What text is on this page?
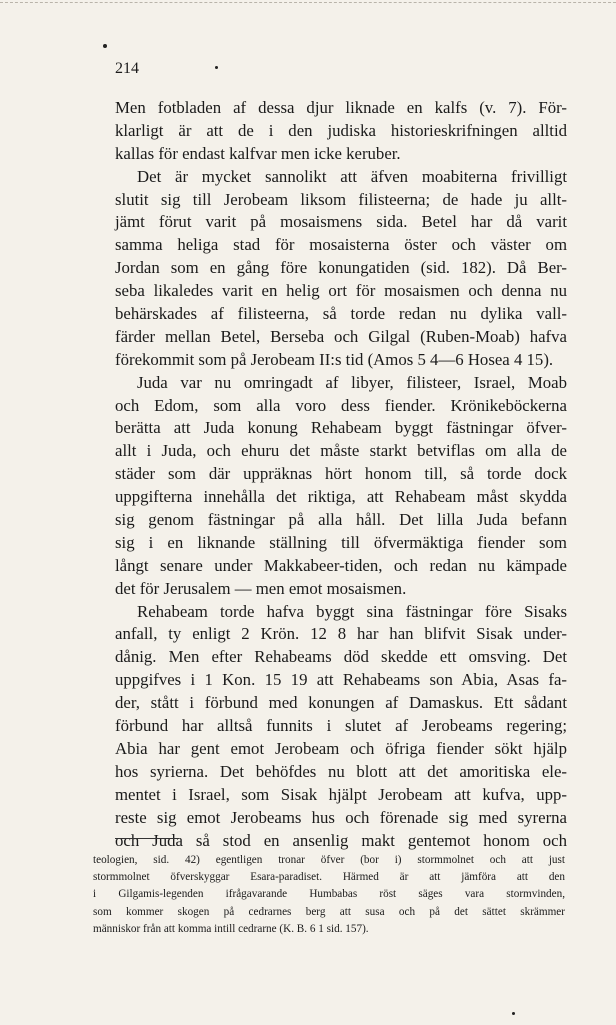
214
Men fotbladen af dessa djur liknade en kalfs (v. 7). För-
klarligt är att de i den judiska historieskrifningen alltid
kallas för endast kalfvar men icke keruber.
Det är mycket sannolikt att äfven moabiterna frivilligt
slutit sig till Jerobeam liksom filisteerna; de hade ju allt-
jämt förut varit på mosaismens sida. Betel har då varit
samma heliga stad för mosaisterna öster och väster om
Jordan som en gång före konungatiden (sid. 182). Då Ber-
seba likaledes varit en helig ort för mosaismen och denna nu
behärskades af filisteerna, så torde redan nu dylika vall-
färder mellan Betel, Berseba och Gilgal (Ruben-Moab) hafva
förekommit som på Jerobeam II:s tid (Amos 5 4—6 Hosea 4 15).
Juda var nu omringadt af libyer, filisteer, Israel, Moab
och Edom, som alla voro dess fiender. Krönikeböckerna
berätta att Juda konung Rehabeam byggt fästningar öfver-
allt i Juda, och ehuru det måste starkt betviflas om alla de
städer som där uppräknas hört honom till, så torde dock
uppgifterna innehålla det riktiga, att Rehabeam måst skydda
sig genom fästningar på alla håll. Det lilla Juda befann
sig i en liknande ställning till öfvermäktiga fiender som
långt senare under Makkabeer-tiden, och redan nu kämpade
det för Jerusalem — men emot mosaismen.
Rehabeam torde hafva byggt sina fästningar före Sisaks
anfall, ty enligt 2 Krön. 12 8 har han blifvit Sisak under-
dånig. Men efter Rehabeams död skedde ett omsving. Det
uppgifves i 1 Kon. 15 19 att Rehabeams son Abia, Asas fa-
der, stått i förbund med konungen af Damaskus. Ett sådant
förbund har alltså funnits i slutet af Jerobeams regering;
Abia har gent emot Jerobeam och öfriga fiender sökt hjälp
hos syrierna. Det behöfdes nu blott att det amoritiska ele-
mentet i Israel, som Sisak hjälpt Jerobeam att kufva, upp-
reste sig emot Jerobeams hus och förenade sig med syrerna
och Juda så stod en ansenlig makt gentemot honom och
teologien, sid. 42) egentligen tronar öfver (bor i) stormmolnet och att just
stormmolnet öfverskyggar Esara-paradiset. Härmed är att jämföra att den
i Gilgamis-legenden ifrågavarande Humbabas röst säges vara stormvinden,
som kommer skogen på cedrarnes berg att susa och på det sättet skrämmer
människor från att komma intill cedrarne (K. B. 6 1 sid. 157).
